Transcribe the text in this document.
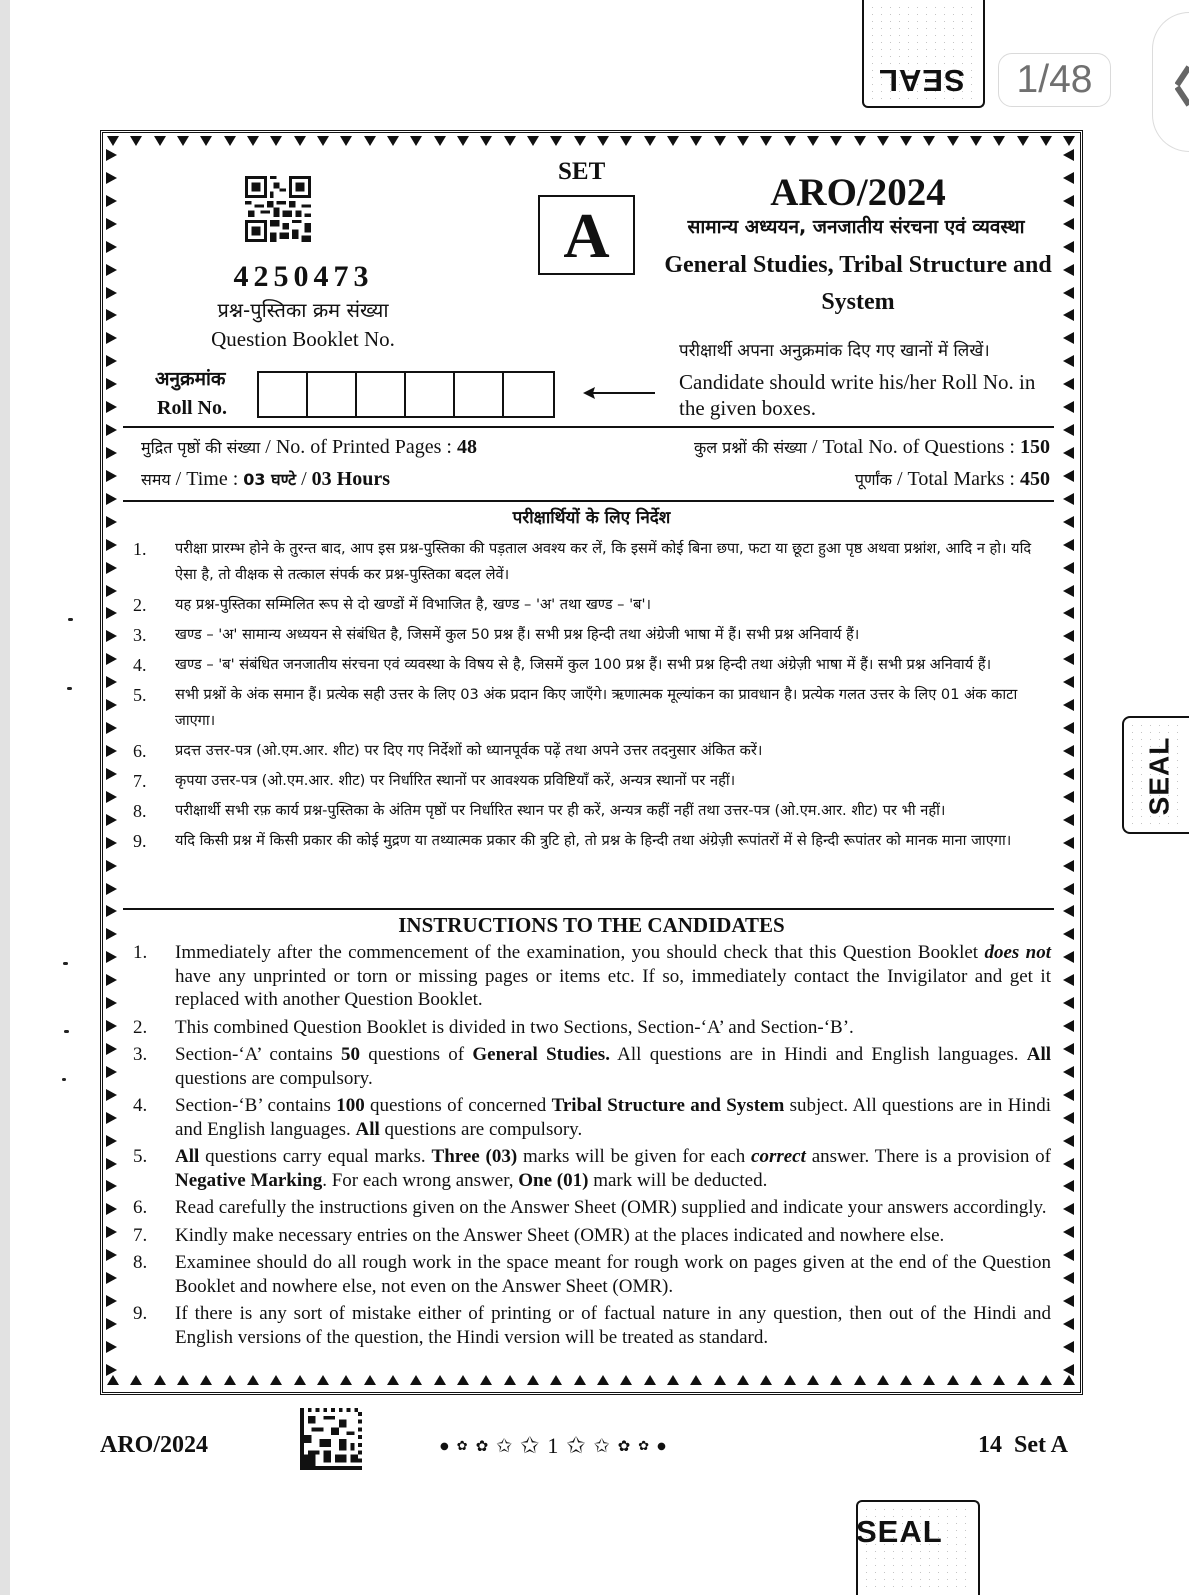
1/48
SEAL
SEAL
4250473
प्रश्न-पुस्तिका क्रम संख्या
Question Booklet No.
अनुक्रमांक
Roll No.
SET
A
ARO/2024
सामान्य अध्ययन, जनजातीय संरचना एवं व्यवस्था
General Studies, Tribal Structure and System
परीक्षार्थी अपना अनुक्रमांक दिए गए खानों में लिखें।
Candidate should write his/her Roll No. in the given boxes.
मुद्रित पृष्ठों की संख्या / No. of Printed Pages : 48
समय / Time : 03 घण्टे / 03 Hours
कुल प्रश्नों की संख्या / Total No. of Questions : 150
पूर्णांक / Total Marks : 450
परीक्षार्थियों के लिए निर्देश
1.	परीक्षा प्रारम्भ होने के तुरन्त बाद, आप इस प्रश्न-पुस्तिका की पड़ताल अवश्य कर लें, कि इसमें कोई बिना छपा, फटा या छूटा हुआ पृष्ठ अथवा प्रश्नांश, आदि न हो। यदि ऐसा है, तो वीक्षक से तत्काल संपर्क कर प्रश्न-पुस्तिका बदल लेवें।
2.	यह प्रश्न-पुस्तिका सम्मिलित रूप से दो खण्डों में विभाजित है, खण्ड – 'अ' तथा खण्ड – 'ब'।
3.	खण्ड – 'अ' सामान्य अध्ययन से संबंधित है, जिसमें कुल 50 प्रश्न हैं। सभी प्रश्न हिन्दी तथा अंग्रेजी भाषा में हैं। सभी प्रश्न अनिवार्य हैं।
4.	खण्ड – 'ब' संबंधित जनजातीय संरचना एवं व्यवस्था के विषय से है, जिसमें कुल 100 प्रश्न हैं। सभी प्रश्न हिन्दी तथा अंग्रेज़ी भाषा में हैं। सभी प्रश्न अनिवार्य हैं।
5.	सभी प्रश्नों के अंक समान हैं। प्रत्येक सही उत्तर के लिए 03 अंक प्रदान किए जाएँगे। ऋणात्मक मूल्यांकन का प्रावधान है। प्रत्येक गलत उत्तर के लिए 01 अंक काटा जाएगा।
6.	प्रदत्त उत्तर-पत्र (ओ.एम.आर. शीट) पर दिए गए निर्देशों को ध्यानपूर्वक पढ़ें तथा अपने उत्तर तदनुसार अंकित करें।
7.	कृपया उत्तर-पत्र (ओ.एम.आर. शीट) पर निर्धारित स्थानों पर आवश्यक प्रविष्टियाँ करें, अन्यत्र स्थानों पर नहीं।
8.	परीक्षार्थी सभी रफ़ कार्य प्रश्न-पुस्तिका के अंतिम पृष्ठों पर निर्धारित स्थान पर ही करें, अन्यत्र कहीं नहीं तथा उत्तर-पत्र (ओ.एम.आर. शीट) पर भी नहीं।
9.	यदि किसी प्रश्न में किसी प्रकार की कोई मुद्रण या तथ्यात्मक प्रकार की त्रुटि हो, तो प्रश्न के हिन्दी तथा अंग्रेज़ी रूपांतरों में से हिन्दी रूपांतर को मानक माना जाएगा।
INSTRUCTIONS TO THE CANDIDATES
1.	Immediately after the commencement of the examination, you should check that this Question Booklet does not have any unprinted or torn or missing pages or items etc. If so, immediately contact the Invigilator and get it replaced with another Question Booklet.
2.	This combined Question Booklet is divided in two Sections, Section-‘A’ and Section-‘B’.
3.	Section-‘A’ contains 50 questions of General Studies. All questions are in Hindi and English languages. All questions are compulsory.
4.	Section-‘B’ contains 100 questions of concerned Tribal Structure and System subject. All questions are in Hindi and English languages. All questions are compulsory.
5.	All questions carry equal marks. Three (03) marks will be given for each correct answer. There is a provision of Negative Marking. For each wrong answer, One (01) mark will be deducted.
6.	Read carefully the instructions given on the Answer Sheet (OMR) supplied and indicate your answers accordingly.
7.	Kindly make necessary entries on the Answer Sheet (OMR) at the places indicated and nowhere else.
8.	Examinee should do all rough work in the space meant for rough work on pages given at the end of the Question Booklet and nowhere else, not even on the Answer Sheet (OMR).
9.	If there is any sort of mistake either of printing or of factual nature in any question, then out of the Hindi and English versions of the question, the Hindi version will be treated as standard.
ARO/2024	● ✿ ✿ ✩ ✩ 1 ✩ ✩ ✿ ✿ ●	14  Set A
SEAL
